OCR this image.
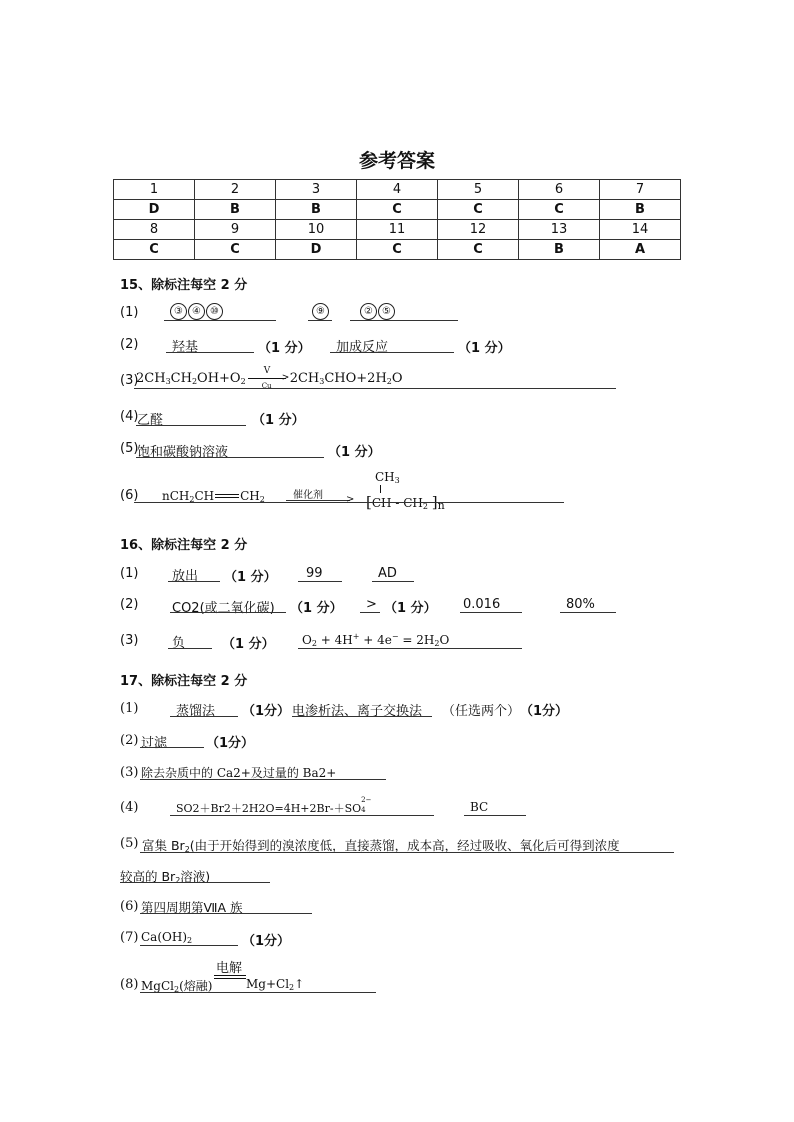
参考答案
1	2	3	4	5	6	7
D	B	B	C	C	C	B
8	9	10	11	12	13	14
C	C	D	C	C	B	A
15、除标注每空 2 分
(1)	③ ④ ⑩	⑨	② ⑤
(2)	羟基	（1 分） 加成反应	（1 分）
(3)
$2CH_3CH_2OH+O_2$
V
>
Cu $2CH_3CHO+2H_2O$
(4)
乙醛	（1 分）
(5)
饱和碳酸钠溶液	（1 分）
(6) nCH$_2$CH $CH_2$	催化剂 >
$CH_3$
[$CH - CH_2$ ]$_n$
16、除标注每空 2 分
(1)	放出 （1 分） 99	AD
(2)	CO2(或二氧化碳) （1 分） > （1 分） 0.016	80%
(3)	负	（1 分） $O_2 + 4H^+ + 4e^- = 2H_2O$
17、除标注每空 2 分
(1)	蒸馏法 （1分） 电渗析法、离子交换法 （任选两个） （1分）
(2) 过滤	（1分）
(3) 除去杂质中的 Ca2+及过量的 Ba2+
(4)	SO2＋Br2＋2H2O=4H+2Br-＋SO
2−
4	BC
(5) 富集 $Br_2$(由于开始得到的溴浓度低，直接蒸馏，成本高，经过吸收、氧化后可得到浓度
较高的 $Br_2$溶液)
(6) 第四周期第ⅦA 族
(7) $Ca(OH)_2$	（1分）
(8) MgCl$_2$(熔融)
电解
$Mg+Cl_2↑$
